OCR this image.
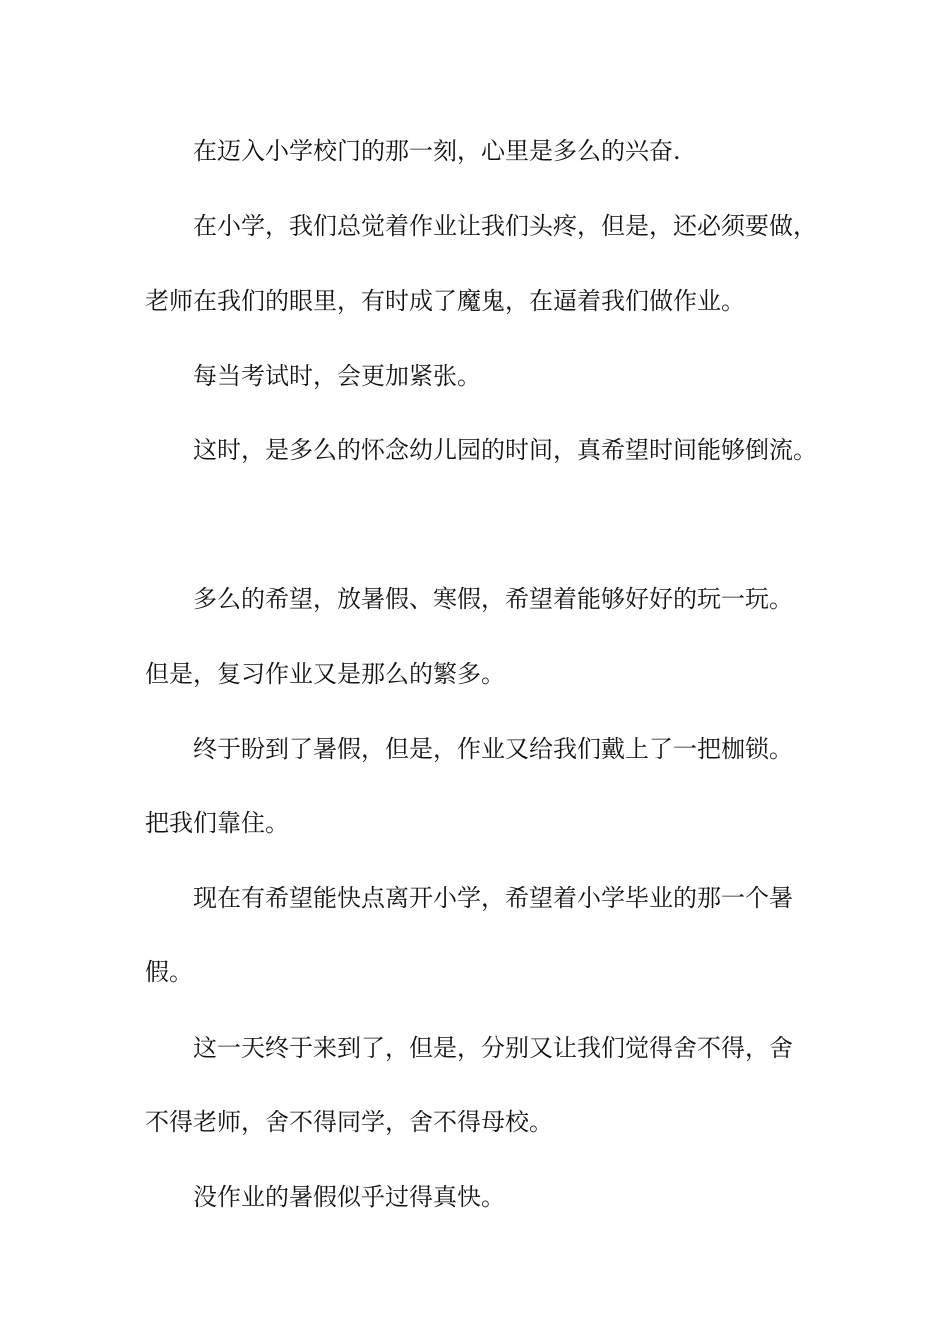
在迈入小学校门的那一刻，心里是多么的兴奋.
在小学，我们总觉着作业让我们头疼，但是，还必须要做，
老师在我们的眼里，有时成了魔鬼，在逼着我们做作业。
每当考试时，会更加紧张。
这时，是多么的怀念幼儿园的时间，真希望时间能够倒流。
多么的希望，放暑假、寒假，希望着能够好好的玩一玩。
但是，复习作业又是那么的繁多。
终于盼到了暑假，但是，作业又给我们戴上了一把枷锁。
把我们靠住。
现在有希望能快点离开小学，希望着小学毕业的那一个暑
假。
这一天终于来到了，但是，分别又让我们觉得舍不得，舍
不得老师，舍不得同学，舍不得母校。
没作业的暑假似乎过得真快。
